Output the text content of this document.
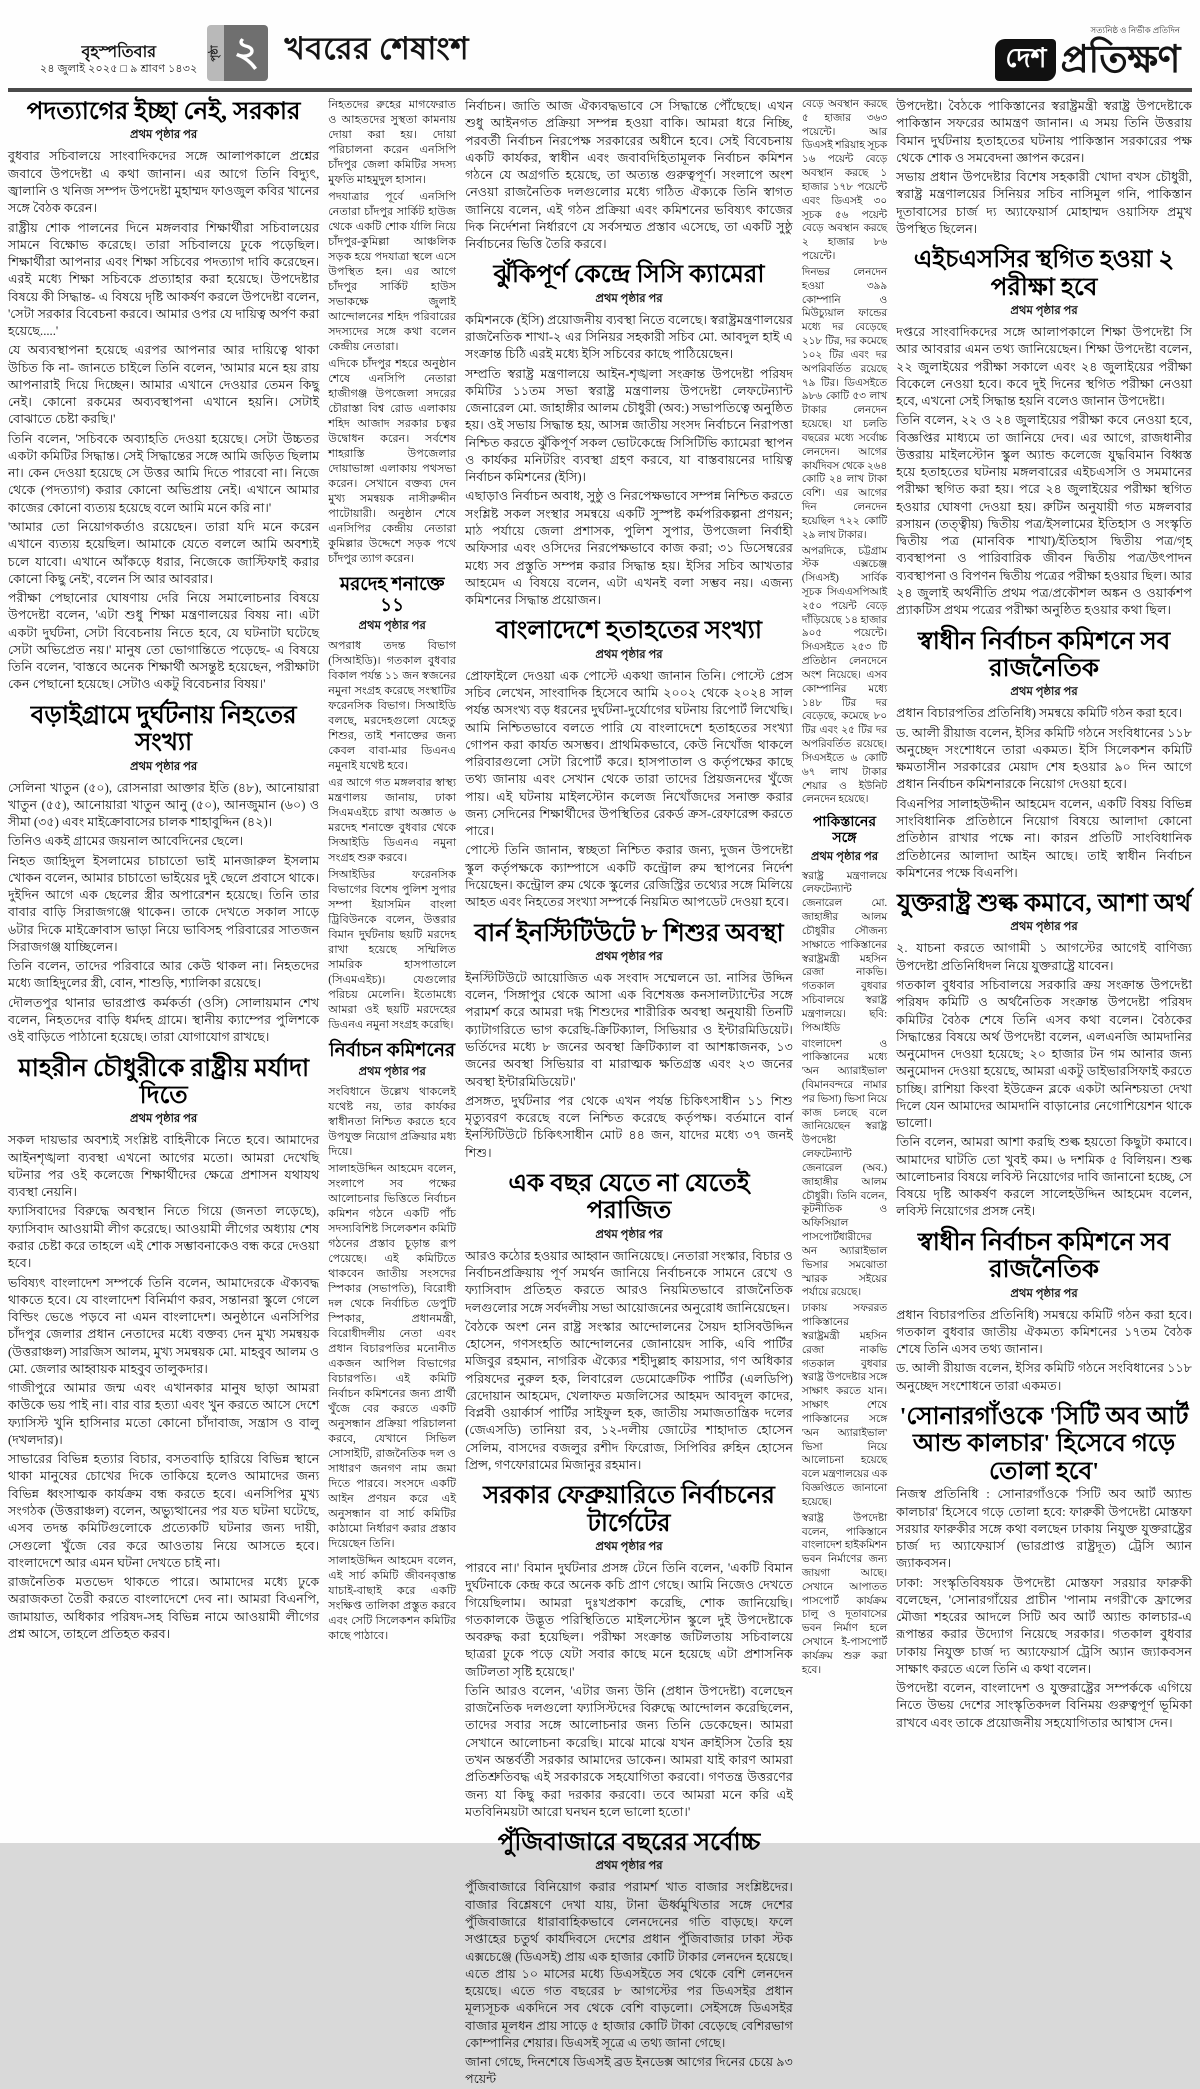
বৃহস্পতিবার
২৪ জুলাই ২০২৫ □ ৯ শ্রাবণ ১৪৩২
পৃষ্ঠা ২ খবরের শেষাংশ
সত্যনিষ্ঠ ও নির্ভীক প্রতিদিন
দেশ প্রতিক্ষণ
পদত্যাগের ইচ্ছা নেই, সরকার
প্রথম পৃষ্ঠার পর

বুধবার সচিবালয়ে সাংবাদিকদের সঙ্গে আলাপকালে প্রশ্নের জবাবে উপদেষ্টা এ কথা জানান। এর আগে তিনি বিদ্যুৎ, জ্বালানি ও খনিজ সম্পদ উপদেষ্টা মুহাম্মদ ফাওজুল কবির খানের সঙ্গে বৈঠক করেন।

রাষ্ট্রীয় শোক পালনের দিনে মঙ্গলবার শিক্ষার্থীরা সচিবালয়ের সামনে বিক্ষোভ করেছে। তারা সচিবালয়ে ঢুকে পড়েছিল। শিক্ষার্থীরা আপনার এবং শিক্ষা সচিবের পদত্যাগ দাবি করেছেন। এরই মধ্যে শিক্ষা সচিবকে প্রত্যাহার করা হয়েছে। উপদেষ্টার বিষয়ে কী সিদ্ধান্ত- এ বিষয়ে দৃষ্টি আকর্ষণ করলে উপদেষ্টা বলেন, 'সেটা সরকার বিবেচনা করবে। আমার ওপর যে দায়িত্ব অর্পণ করা হয়েছে.....'

যে অব্যবস্থাপনা হয়েছে এরপর আপনার আর দায়িত্বে থাকা উচিত কি না- জানতে চাইলে তিনি বলেন, 'আমার মনে হয় রায় আপনারাই দিয়ে দিচ্ছেন। আমার এখানে দেওয়ার তেমন কিছু নেই। কোনো রকমের অব্যবস্থাপনা এখানে হয়নি। সেটাই বোঝাতে চেষ্টা করছি।'

তিনি বলেন, 'সচিবকে অব্যাহতি দেওয়া হয়েছে। সেটা উচ্চতর একটা কমিটির সিদ্ধান্ত। সেই সিদ্ধান্তের সঙ্গে আমি জড়িত ছিলাম না। কেন দেওয়া হয়েছে সে উত্তর আমি দিতে পারবো না। নিজে থেকে (পদত্যাগ) করার কোনো অভিপ্রায় নেই। এখানে আমার কাজের কোনো ব্যত্যয় হয়েছে বলে আমি মনে করি না।'

'আমার তো নিয়োগকর্তাও রয়েছেন। তারা যদি মনে করেন এখানে ব্যত্যয় হয়েছিল। আমাকে যেতে বললে আমি অবশ্যই চলে যাবো। এখানে আঁকড়ে ধরার, নিজেকে জাস্টিফাই করার কোনো কিছু নেই', বলেন সি আর আবরার।

পরীক্ষা পেছানোর ঘোষণায় দেরি নিয়ে সমালোচনার বিষয়ে উপদেষ্টা বলেন, 'এটা শুধু শিক্ষা মন্ত্রণালয়ের বিষয় না। এটা একটা দুর্ঘটনা, সেটা বিবেচনায় নিতে হবে, যে ঘটনাটা ঘটেছে সেটা অভিপ্রেত নয়।' মানুষ তো ভোগান্তিতে পড়েছে- এ বিষয়ে তিনি বলেন, 'বাস্তবে অনেক শিক্ষার্থী অসন্তুষ্ট হয়েছেন, পরীক্ষাটা কেন পেছানো হয়েছে। সেটাও একটু বিবেচনার বিষয়।'

বড়াইগ্রামে দুর্ঘটনায় নিহতের সংখ্যা
প্রথম পৃষ্ঠার পর

সেলিনা খাতুন (৫০), রোসনারা আক্তার ইতি (৪৮), আনোয়ারা খাতুন (৫৫), আনোয়ারা খাতুন আনু (৫০), আনজুমান (৬০) ও সীমা (৩৫) এবং মাইক্রোবাসের চালক শাহাবুদ্দিন (৪২)।

তিনিও একই গ্রামের জয়নাল আবেদিনের ছেলে।

নিহত জাহিদুল ইসলামের চাচাতো ভাই মানজারুল ইসলাম খোকন বলেন, আমার চাচাতো ভাইয়ের দুই ছেলে প্রবাসে থাকে। দুইদিন আগে এক ছেলের স্ত্রীর অপারেশন হয়েছে। তিনি তার বাবার বাড়ি সিরাজগঞ্জে থাকেন। তাকে দেখতে সকাল সাড়ে ৬টার দিকে মাইক্রোবাস ভাড়া নিয়ে ভাবিসহ পরিবারের সাতজন সিরাজগঞ্জ যাচ্ছিলেন।

তিনি বলেন, তাদের পরিবারে আর কেউ থাকল না। নিহতদের মধ্যে জাহিদুলের স্ত্রী, বোন, শাশুড়ি, শ্যালিকা রয়েছে।

দৌলতপুর থানার ভারপ্রাপ্ত কর্মকর্তা (ওসি) সোলায়মান শেখ বলেন, নিহতদের বাড়ি ধর্মদহ গ্রামে। স্থানীয় ক্যাম্পের পুলিশকে ওই বাড়িতে পাঠানো হয়েছে। তারা যোগাযোগ রাখছে।

মাহরীন চৌধুরীকে রাষ্ট্রীয় মর্যাদা দিতে
প্রথম পৃষ্ঠার পর

সকল দায়ভার অবশ্যই সংশ্লিষ্ট বাহিনীকে নিতে হবে। আমাদের আইনশৃঙ্খলা ব্যবস্থা এখনো আগের মতো। আমরা দেখেছি ঘটনার পর ওই কলেজে শিক্ষার্থীদের ক্ষেত্রে প্রশাসন যথাযথ ব্যবস্থা নেয়নি।

ফ্যাসিবাদের বিরুদ্ধে অবস্থান নিতে গিয়ে (জনতা লড়েছে), ফ্যাসিবাদ আওয়ামী লীগ করেছে। আওয়ামী লীগের অধ্যায় শেষ করার চেষ্টা করে তাহলে এই শোক সম্ভাবনাকেও বন্ধ করে দেওয়া হবে।

ভবিষ্যৎ বাংলাদেশ সম্পর্কে তিনি বলেন, আমাদেরকে ঐক্যবদ্ধ থাকতে হবে। যে বাংলাদেশ বিনির্মাণ করব, সন্তানরা স্কুলে গেলে বিল্ডিং ভেঙে পড়বে না এমন বাংলাদেশ। অনুষ্ঠানে এনসিপির চাঁদপুর জেলার প্রধান নেতাদের মধ্যে বক্তব্য দেন মুখ্য সমন্বয়ক (উত্তরাঞ্চল) সারজিস আলম, মুখ্য সমন্বয়ক মো. মাহবুব আলম ও মো. জেলার আহ্বায়ক মাহবুব তালুকদার।

গাজীপুরে আমার জন্ম এবং এখানকার মানুষ ছাড়া আমরা কাউকে ভয় পাই না। বার বার হত্যা এবং খুন করতে আসে দেশে ফ্যাসিস্ট খুনি হাসিনার মতো কোনো চাঁদাবাজ, সন্ত্রাস ও বালু (দখলদার)।

সাভারের বিভিন্ন হত্যার বিচার, বসতবাড়ি হারিয়ে বিভিন্ন স্থানে থাকা মানুষের চোখের দিকে তাকিয়ে হলেও আমাদের জন্য বিভিন্ন ধ্বংসাত্মক কার্যক্রম বন্ধ করতে হবে। এনসিপির মুখ্য সংগঠক (উত্তরাঞ্চল) বলেন, অভ্যুত্থানের পর যত ঘটনা ঘটেছে, এসব তদন্ত কমিটিগুলোকে প্রত্যেকটি ঘটনার জন্য দায়ী, সেগুলো খুঁজে বের করে আওতায় নিয়ে আসতে হবে। বাংলাদেশে আর এমন ঘটনা দেখতে চাই না।

রাজনৈতিক মতভেদ থাকতে পারে। আমাদের মধ্যে ঢুকে অরাজকতা তৈরী করতে বাংলাদেশে দেব না। আমরা বিএনপি, জামায়াত, অধিকার পরিষদ-সহ বিভিন্ন নামে আওয়ামী লীগের প্রশ্ন আসে, তাহলে প্রতিহত করব।

নিহতদের রুহের মাগফেরাত ও আহতদের সুস্থতা কামনায় দোয়া করা হয়। দোয়া পরিচালনা করেন এনসিপি চাঁদপুর জেলা কমিটির সদস্য মুফতি মাহমুদুল হাসান।

পদযাত্রার পূর্বে এনসিপি নেতারা চাঁদপুর সার্কিট হাউজ থেকে একটি শোক র্যালি নিয়ে চাঁদপুর-কুমিল্লা আঞ্চলিক সড়ক হয়ে পদযাত্রা স্থলে এসে উপস্থিত হন। এর আগে চাঁদপুর সার্কিট হাউস সভাকক্ষে জুলাই আন্দোলনের শহিদ পরিবারের সদস্যদের সঙ্গে কথা বলেন কেন্দ্রীয় নেতারা।

এদিকে চাঁদপুর শহরে অনুষ্ঠান শেষে এনসিপি নেতারা হাজীগঞ্জ উপজেলা সদরের চৌরাস্তা বিশ্ব রোড এলাকায় শহিদ আজাদ সরকার চত্বর উদ্বোধন করেন। সর্বশেষ শাহরাস্তি উপজেলার দোয়াভাঙ্গা এলাকায় পথসভা করেন। সেখানে বক্তব্য দেন মুখ্য সমন্বয়ক নাসীরুদ্দীন পাটোয়ারী। অনুষ্ঠান শেষে এনসিপির কেন্দ্রীয় নেতারা কুমিল্লার উদ্দেশে সড়ক পথে চাঁদপুর ত্যাগ করেন।

মরদেহ শনাক্তে ১১
প্রথম পৃষ্ঠার পর

অপরাধ তদন্ত বিভাগ (সিআইডি)। গতকাল বুধবার বিকাল পর্যন্ত ১১ জন স্বজনের নমুনা সংগ্রহ করেছে সংস্থাটির ফরেনসিক বিভাগ। সিআইডি বলছে, মরদেহগুলো যেহেতু শিশুর, তাই শনাক্তের জন্য কেবল বাবা-মার ডিএনএ নমুনাই যথেষ্ট হবে।

এর আগে গত মঙ্গলবার স্বাস্থ্য মন্ত্রণালয় জানায়, ঢাকা সিএমএইচে রাখা অজ্ঞাত ৬ মরদেহ শনাক্তে বুধবার থেকে সিআইডি ডিএনএ নমুনা সংগ্রহ শুরু করবে।

সিআইডির ফরেনসিক বিভাগের বিশেষ পুলিশ সুপার সম্পা ইয়াসমিন বাংলা ট্রিবিউনকে বলেন, উত্তরার বিমান দুর্ঘটনায় ছয়টি মরদেহ রাখা হয়েছে সম্মিলিত সামরিক হাসপাতালে (সিএমএইচ)। যেগুলোর পরিচয় মেলেনি। ইতোমধ্যে আমরা ওই ছয়টি মরদেহের ডিএনএ নমুনা সংগ্রহ করেছি।

নির্বাচন কমিশনের
প্রথম পৃষ্ঠার পর

সংবিধানে উল্লেখ থাকলেই যথেষ্ট নয়, তার কার্যকর স্বাধীনতা নিশ্চিত করতে হবে উপযুক্ত নিয়োগ প্রক্রিয়ার মধ্য দিয়ে।

সালাহউদ্দিন আহমেদ বলেন, সংলাপে সব পক্ষের আলোচনার ভিত্তিতে নির্বাচন কমিশন গঠনে একটি পাঁচ সদস্যবিশিষ্ট সিলেকশন কমিটি গঠনের প্রস্তাব চূড়ান্ত রূপ পেয়েছে। এই কমিটিতে থাকবেন জাতীয় সংসদের স্পিকার (সভাপতি), বিরোধী দল থেকে নির্বাচিত ডেপুটি স্পিকার, প্রধানমন্ত্রী, বিরোধীদলীয় নেতা এবং প্রধান বিচারপতির মনোনীত একজন আপিল বিভাগের বিচারপতি। এই কমিটি নির্বাচন কমিশনের জন্য প্রার্থী খুঁজে বের করতে একটি অনুসন্ধান প্রক্রিয়া পরিচালনা করবে, যেখানে সিভিল সোসাইটি, রাজনৈতিক দল ও সাধারণ জনগণ নাম জমা দিতে পারবে। সংসদে একটি আইন প্রণয়ন করে এই অনুসন্ধান বা সার্চ কমিটির কাঠামো নির্ধারণ করার প্রস্তাব দিয়েছেন তিনি।

সালাহউদ্দিন আহমেদ বলেন, এই সার্চ কমিটি জীবনবৃত্তান্ত যাচাই-বাছাই করে একটি সংক্ষিপ্ত তালিকা প্রস্তুত করবে এবং সেটি সিলেকশন কমিটির কাছে পাঠাবে।

নির্বাচন। জাতি আজ ঐক্যবদ্ধভাবে সে সিদ্ধান্তে পৌঁছেছে। এখন শুধু আইনগত প্রক্রিয়া সম্পন্ন হওয়া বাকি। আমরা ধরে নিচ্ছি, পরবর্তী নির্বাচন নিরপেক্ষ সরকারের অধীনে হবে। সেই বিবেচনায় একটি কার্যকর, স্বাধীন এবং জবাবদিহিতামূলক নির্বাচন কমিশন গঠনে যে অগ্রগতি হয়েছে, তা অত্যন্ত গুরুত্বপূর্ণ। সংলাপে অংশ নেওয়া রাজনৈতিক দলগুলোর মধ্যে গঠিত ঐক্যকে তিনি স্বাগত জানিয়ে বলেন, এই গঠন প্রক্রিয়া এবং কমিশনের ভবিষ্যৎ কাজের দিক নির্দেশনা নির্ধারণে যে সর্বসম্মত প্রস্তাব এসেছে, তা একটি সুষ্ঠু নির্বাচনের ভিত্তি তৈরি করবে।

ঝুঁকিপূর্ণ কেন্দ্রে সিসি ক্যামেরা
প্রথম পৃষ্ঠার পর

কমিশনকে (ইসি) প্রয়োজনীয় ব্যবস্থা নিতে বলেছে। স্বরাষ্ট্রমন্ত্রণালয়ের রাজনৈতিক শাখা-২ এর সিনিয়র সহকারী সচিব মো. আবদুল হাই এ সংক্রান্ত চিঠি এরই মধ্যে ইসি সচিবের কাছে পাঠিয়েছেন।

সম্প্রতি স্বরাষ্ট্র মন্ত্রণালয়ে আইন-শৃঙ্খলা সংক্রান্ত উপদেষ্টা পরিষদ কমিটির ১১তম সভা স্বরাষ্ট্র মন্ত্রণালয় উপদেষ্টা লেফটেন্যান্ট জেনারেল মো. জাহাঙ্গীর আলম চৌধুরী (অব:) সভাপতিত্বে অনুষ্ঠিত হয়। ওই সভায় সিদ্ধান্ত হয়, আসন্ন জাতীয় সংসদ নির্বাচনে নিরাপত্তা নিশ্চিত করতে ঝুঁকিপূর্ণ সকল ভোটকেন্দ্রে সিসিটিভি ক্যামেরা স্থাপন ও কার্যকর মনিটরিং ব্যবস্থা গ্রহণ করবে, যা বাস্তবায়নের দায়িত্ব নির্বাচন কমিশনের (ইসি)।

এছাড়াও নির্বাচন অবাধ, সুষ্ঠু ও নিরপেক্ষভাবে সম্পন্ন নিশ্চিত করতে সংশ্লিষ্ট সকল সংস্থার সমন্বয়ে একটি সুস্পষ্ট কর্মপরিকল্পনা প্রণয়ন; মাঠ পর্যায়ে জেলা প্রশাসক, পুলিশ সুপার, উপজেলা নির্বাহী অফিসার এবং ওসিদের নিরপেক্ষভাবে কাজ করা; ৩১ ডিসেম্বরের মধ্যে সব প্রস্তুতি সম্পন্ন করার সিদ্ধান্ত হয়। ইসির সচিব আখতার আহমেদ এ বিষয়ে বলেন, এটা এখনই বলা সম্ভব নয়। এজন্য কমিশনের সিদ্ধান্ত প্রয়োজন।

বাংলাদেশে হতাহতের সংখ্যা
প্রথম পৃষ্ঠার পর

প্রোফাইলে দেওয়া এক পোস্টে একথা জানান তিনি। পোস্টে প্রেস সচিব লেখেন, সাংবাদিক হিসেবে আমি ২০০২ থেকে ২০২৪ সাল পর্যন্ত অসংখ্য বড় ধরনের দুর্ঘটনা-দুর্যোগের ঘটনায় রিপোর্ট লিখেছি। আমি নিশ্চিতভাবে বলতে পারি যে বাংলাদেশে হতাহতের সংখ্যা গোপন করা কার্যত অসম্ভব। প্রাথমিকভাবে, কেউ নিখোঁজ থাকলে পরিবারগুলো সেটা রিপোর্ট করে। হাসপাতাল ও কর্তৃপক্ষের কাছে তথ্য জানায় এবং সেখান থেকে তারা তাদের প্রিয়জনদের খুঁজে পায়। এই ঘটনায় মাইলস্টোন কলেজ নিখোঁজদের সনাক্ত করার জন্য সেদিনের শিক্ষার্থীদের উপস্থিতির রেকর্ড ক্রস-রেফারেন্স করতে পারে।

পোস্টে তিনি জানান, স্বচ্ছতা নিশ্চিত করার জন্য, দুজন উপদেষ্টা স্কুল কর্তৃপক্ষকে ক্যাম্পাসে একটি কন্ট্রোল রুম স্থাপনের নির্দেশ দিয়েছেন। কন্ট্রোল রুম থেকে স্কুলের রেজিস্ট্রির তথ্যের সঙ্গে মিলিয়ে আহত এবং নিহতের সংখ্যা সম্পর্কে নিয়মিত আপডেট দেওয়া হবে।

বার্ন ইনস্টিটিউটে ৮ শিশুর অবস্থা
প্রথম পৃষ্ঠার পর

ইনস্টিটিউটে আয়োজিত এক সংবাদ সম্মেলনে ডা. নাসির উদ্দিন বলেন, 'সিঙ্গাপুর থেকে আসা এক বিশেষজ্ঞ কনসালট্যান্টের সঙ্গে পরামর্শ করে আমরা দগ্ধ শিশুদের শারীরিক অবস্থা অনুযায়ী তিনটি ক্যাটাগরিতে ভাগ করেছি-ক্রিটিক্যাল, সিভিয়ার ও ইন্টারমিডিয়েট। ভর্তিদের মধ্যে ৮ জনের অবস্থা ক্রিটিক্যাল বা আশঙ্কাজনক, ১৩ জনের অবস্থা সিভিয়ার বা মারাত্মক ক্ষতিগ্রস্ত এবং ২৩ জনের অবস্থা ইন্টারমিডিয়েট।'

প্রসঙ্গত, দুর্ঘটনার পর থেকে এখন পর্যন্ত চিকিৎসাধীন ১১ শিশু মৃত্যুবরণ করেছে বলে নিশ্চিত করেছে কর্তৃপক্ষ। বর্তমানে বার্ন ইনস্টিটিউটে চিকিৎসাধীন মোট ৪৪ জন, যাদের মধ্যে ৩৭ জনই শিশু।

এক বছর যেতে না যেতেই পরাজিত
প্রথম পৃষ্ঠার পর

আরও কঠোর হওয়ার আহ্বান জানিয়েছে। নেতারা সংস্কার, বিচার ও নির্বাচনপ্রক্রিয়ায় পূর্ণ সমর্থন জানিয়ে নির্বাচনকে সামনে রেখে ও ফ্যাসিবাদ প্রতিহত করতে আরও নিয়মিতভাবে রাজনৈতিক দলগুলোর সঙ্গে সর্বদলীয় সভা আয়োজনের অনুরোধ জানিয়েছেন।

বৈঠকে অংশ নেন রাষ্ট্র সংস্কার আন্দোলনের সৈয়দ হাসিবউদ্দিন হোসেন, গণসংহতি আন্দোলনের জোনায়েদ সাকি, এবি পার্টির মজিবুর রহমান, নাগরিক ঐক্যের শহীদুল্লাহ কায়সার, গণ অধিকার পরিষদের নুরুল হক, লিবারেল ডেমোক্রেটিক পার্টির (এলডিপি) রেদোয়ান আহমেদ, খেলাফত মজলিসের আহমদ আবদুল কাদের, বিপ্লবী ওয়ার্কার্স পার্টির সাইফুল হক, জাতীয় সমাজতান্ত্রিক দলের (জেএসডি) তানিয়া রব, ১২-দলীয় জোটের শাহাদাত হোসেন সেলিম, বাসদের বজলুর রশীদ ফিরোজ, সিপিবির রুহিন হোসেন প্রিন্স, গণফোরামের মিজানুর রহমান।

সরকার ফেব্রুয়ারিতে নির্বাচনের টার্গেটের
প্রথম পৃষ্ঠার পর

পারবে না।' বিমান দুর্ঘটনার প্রসঙ্গ টেনে তিনি বলেন, 'একটি বিমান দুর্ঘটনাকে কেন্দ্র করে অনেক কচি প্রাণ গেছে। আমি নিজেও দেখতে গিয়েছিলাম। আমরা দুঃখপ্রকাশ করেছি, শোক জানিয়েছি। গতকালকে উদ্ভূত পরিস্থিতিতে মাইলস্টোন স্কুলে দুই উপদেষ্টাকে অবরুদ্ধ করা হয়েছিল। পরীক্ষা সংক্রান্ত জটিলতায় সচিবালয়ে ছাত্ররা ঢুকে পড়ে যেটা সবার কাছে মনে হয়েছে এটা প্রশাসনিক জটিলতা সৃষ্টি হয়েছে।'

তিনি আরও বলেন, 'এটার জন্য উনি (প্রধান উপদেষ্টা) বলেছেন রাজনৈতিক দলগুলো ফ্যাসিস্টদের বিরুদ্ধে আন্দোলন করেছিলেন, তাদের সবার সঙ্গে আলোচনার জন্য তিনি ডেকেছেন। আমরা সেখানে আলোচনা করেছি। মাঝে মাঝে যখন ক্রাইসিস তৈরি হয় তখন অন্তর্বর্তী সরকার আমাদের ডাকেন। আমরা যাই কারণ আমরা প্রতিশ্রুতিবদ্ধ এই সরকারকে সহযোগিতা করবো। গণতন্ত্র উত্তরণের জন্য যা কিছু করা দরকার করবো। তবে আমরা মনে করি এই মতবিনিময়টা আরো ঘনঘন হলে ভালো হতো।'

পুঁজিবাজারে বছরের সর্বোচ্চ
প্রথম পৃষ্ঠার পর

পুঁজিবাজারে বিনিয়োগ করার পরামর্শ খাত বাজার সংশ্লিষ্টদের। বাজার বিশ্লেষণে দেখা যায়, টানা ঊর্ধ্বমুখিতার সঙ্গে দেশের পুঁজিবাজারে ধারাবাহিকভাবে লেনদেনের গতি বাড়ছে। ফলে সপ্তাহের চতুর্থ কার্যদিবসে দেশের প্রধান পুঁজিবাজার ঢাকা স্টক এক্সচেঞ্জে (ডিএসই) প্রায় এক হাজার কোটি টাকার লেনদেন হয়েছে। এতে প্রায় ১০ মাসের মধ্যে ডিএসইতে সব থেকে বেশি লেনদেন হয়েছে। এতে গত বছরের ৮ আগস্টের পর ডিএসইর প্রধান মূল্যসূচক একদিনে সব থেকে বেশি বাড়লো। সেইসঙ্গে ডিএসইর বাজার মূলধন প্রায় সাড়ে ৫ হাজার কোটি টাকা বেড়েছে বেশিরভাগ কোম্পানির শেয়ার। ডিএসই সূত্রে এ তথ্য জানা গেছে।

জানা গেছে, দিনশেষে ডিএসই ব্রড ইনডেক্স আগের দিনের চেয়ে ৯৩ পয়েন্ট

বেড়ে অবস্থান করছে ৫ হাজার ৩৬৩ পয়েন্টে। আর ডিএসই শরিয়াহ সূচক ১৬ পয়েন্ট বেড়ে অবস্থান করছে ১ হাজার ১৭৮ পয়েন্টে এবং ডিএসই ৩০ সূচক ৫৬ পয়েন্ট বেড়ে অবস্থান করছে ২ হাজার ৮৬ পয়েন্টে।

দিনভর লেনদেন হওয়া ৩৯৯ কোম্পানি ও মিউচ্যুয়াল ফান্ডের মধ্যে দর বেড়েছে ২১৮ টির, দর কমেছে ১০২ টির এবং দর অপরিবর্তিত রয়েছে ৭৯ টির। ডিএসইতে ৯৮৬ কোটি ৫৩ লাখ টাকার লেনদেন হয়েছে। যা চলতি বছরের মধ্যে সর্বোচ্চ লেনদেন। আগের কার্যদিবস থেকে ২৬৪ কোটি ২৪ লাখ টাকা বেশি। এর আগের দিন লেনদেন হয়েছিল ৭২২ কোটি ২৯ লাখ টাকার।

অপরদিকে, চট্টগ্রাম স্টক এক্সচেঞ্জ (সিএসই) সার্বিক সূচক সিএএসপিআই ২৫০ পয়েন্ট বেড়ে দাঁড়িয়েছে ১৪ হাজার ৯০৫ পয়েন্টে। সিএসইতে ২৫৩ টি প্রতিষ্ঠান লেনদেনে অংশ নিয়েছে। এসব কোম্পানির মধ্যে ১৪৮ টির দর বেড়েছে, কমেছে ৮০ টির এবং ২৫ টির দর অপরিবর্তিত রয়েছে। সিএসইতে ৬ কোটি ৬৭ লাখ টাকার শেয়ার ও ইউনিট লেনদেন হয়েছে।

পাকিস্তানের সঙ্গে
প্রথম পৃষ্ঠার পর

স্বরাষ্ট্র মন্ত্রণালয়ে লেফটেন্যান্ট জেনারেল মো. জাহাঙ্গীর আলম চৌধুরীর সৌজন্য সাক্ষাতে পাকিস্তানের স্বরাষ্ট্রমন্ত্রী মহসিন রেজা নাকভি। গতকাল বুধবার সচিবালয়ে স্বরাষ্ট্র মন্ত্রণালয়ে। ছবি: পিআইডি

বাংলাদেশ ও পাকিস্তানের মধ্যে 'অন অ্যারাইভাল' (বিমানবন্দরে নামার পর ভিসা) ভিসা নিয়ে কাজ চলছে বলে জানিয়েছেন স্বরাষ্ট্র উপদেষ্টা লেফটেন্যান্ট জেনারেল (অব.) জাহাঙ্গীর আলম চৌধুরী। তিনি বলেন, কূটনীতিক ও অফিসিয়াল পাসপোর্টধারীদের অন অ্যারাইভাল ভিসার সমঝোতা স্মারক সইয়ের পর্যায়ে রয়েছে।

ঢাকায় সফররত পাকিস্তানের স্বরাষ্ট্রমন্ত্রী মহসিন রেজা নাকভি গতকাল বুধবার স্বরাষ্ট্র উপদেষ্টার সঙ্গে সাক্ষাৎ করতে যান। সাক্ষাৎ শেষে পাকিস্তানের সঙ্গে 'অন অ্যারাইভাল' ভিসা নিয়ে আলোচনা হয়েছে বলে মন্ত্রণালয়ের এক বিজ্ঞপ্তিতে জানানো হয়েছে।

স্বরাষ্ট্র উপদেষ্টা বলেন, পাকিস্তানে বাংলাদেশ হাইকমিশন ভবন নির্মাণের জন্য জায়গা আছে। সেখানে আপাতত পাসপোর্ট কার্যক্রম চালু ও দূতাবাসের ভবন নির্মাণ হলে সেখানে ই-পাসপোর্ট কার্যক্রম শুরু করা হবে।

উপদেষ্টা। বৈঠকে পাকিস্তানের স্বরাষ্ট্রমন্ত্রী স্বরাষ্ট্র উপদেষ্টাকে পাকিস্তান সফরের আমন্ত্রণ জানান। এ সময় তিনি উত্তরায় বিমান দুর্ঘটনায় হতাহতের ঘটনায় পাকিস্তান সরকারের পক্ষ থেকে শোক ও সমবেদনা জ্ঞাপন করেন।

সভায় প্রধান উপদেষ্টার বিশেষ সহকারী খোদা বখস চৌধুরী, স্বরাষ্ট্র মন্ত্রণালয়ের সিনিয়র সচিব নাসিমুল গনি, পাকিস্তান দূতাবাসের চার্জ দ্য অ্যাফেয়ার্স মোহাম্মদ ওয়াসিফ প্রমুখ উপস্থিত ছিলেন।

এইচএসসির স্থগিত হওয়া ২ পরীক্ষা হবে
প্রথম পৃষ্ঠার পর

দপ্তরে সাংবাদিকদের সঙ্গে আলাপকালে শিক্ষা উপদেষ্টা সি আর আবরার এমন তথ্য জানিয়েছেন। শিক্ষা উপদেষ্টা বলেন, ২২ জুলাইয়ের পরীক্ষা সকালে এবং ২৪ জুলাইয়ের পরীক্ষা বিকেলে নেওয়া হবে। কবে দুই দিনের স্থগিত পরীক্ষা নেওয়া হবে, এখনো সেই সিদ্ধান্ত হয়নি বলেও জানান উপদেষ্টা।

তিনি বলেন, ২২ ও ২৪ জুলাইয়ের পরীক্ষা কবে নেওয়া হবে, বিজ্ঞপ্তির মাধ্যমে তা জানিয়ে দেব। এর আগে, রাজধানীর উত্তরায় মাইলস্টোন স্কুল অ্যান্ড কলেজে যুদ্ধবিমান বিধ্বস্ত হয়ে হতাহতের ঘটনায় মঙ্গলবারের এইচএসসি ও সমমানের পরীক্ষা স্থগিত করা হয়। পরে ২৪ জুলাইয়ের পরীক্ষা স্থগিত হওয়ার ঘোষণা দেওয়া হয়। রুটিন অনুযায়ী গত মঙ্গলবার রসায়ন (তত্ত্বীয়) দ্বিতীয় পত্র/ইসলামের ইতিহাস ও সংস্কৃতি দ্বিতীয় পত্র (মানবিক শাখা)/ইতিহাস দ্বিতীয় পত্র/গৃহ ব্যবস্থাপনা ও পারিবারিক জীবন দ্বিতীয় পত্র/উৎপাদন ব্যবস্থাপনা ও বিপণন দ্বিতীয় পত্রের পরীক্ষা হওয়ার ছিল। আর ২৪ জুলাই অর্থনীতি প্রথম পত্র/প্রকৌশল অঙ্কন ও ওয়ার্কশপ প্র্যাকটিস প্রথম পত্রের পরীক্ষা অনুষ্ঠিত হওয়ার কথা ছিল।

স্বাধীন নির্বাচন কমিশনে সব রাজনৈতিক
প্রথম পৃষ্ঠার পর

প্রধান বিচারপতির প্রতিনিধি) সমন্বয়ে কমিটি গঠন করা হবে।

ড. আলী রীয়াজ বলেন, ইসির কমিটি গঠনে সংবিধানের ১১৮ অনুচ্ছেদ সংশোধনে তারা একমত। ইসি সিলেকশন কমিটি ক্ষমতাসীন সরকারের মেয়াদ শেষ হওয়ার ৯০ দিন আগে প্রধান নির্বাচন কমিশনারকে নিয়োগ দেওয়া হবে।

বিএনপির সালাহউদ্দীন আহমেদ বলেন, একটি বিষয় বিভিন্ন সাংবিধানিক প্রতিষ্ঠানে নিয়োগ বিষয়ে আলাদা কোনো প্রতিষ্ঠান রাখার পক্ষে না। কারন প্রতিটি সাংবিধানিক প্রতিষ্ঠানের আলাদা আইন আছে। তাই স্বাধীন নির্বাচন কমিশনের পক্ষে বিএনপি।

যুক্তরাষ্ট্র শুল্ক কমাবে, আশা অর্থ
প্রথম পৃষ্ঠার পর

২. যাচনা করতে আগামী ১ আগস্টের আগেই বাণিজ্য উপদেষ্টা প্রতিনিধিদল নিয়ে যুক্তরাষ্ট্রে যাবেন।

গতকাল বুধবার সচিবালয়ে সরকারি ক্রয় সংক্রান্ত উপদেষ্টা পরিষদ কমিটি ও অর্থনৈতিক সংক্রান্ত উপদেষ্টা পরিষদ কমিটির বৈঠক শেষে তিনি এসব কথা বলেন। বৈঠকের সিদ্ধান্তের বিষয়ে অর্থ উপদেষ্টা বলেন, এলএনজি আমদানির অনুমোদন দেওয়া হয়েছে; ২০ হাজার টন গম আনার জন্য অনুমোদন দেওয়া হয়েছে, আমরা একটু ডাইভারসিফাই করতে চাচ্ছি। রাশিয়া কিংবা ইউক্রেন ব্লকে একটা অনিশ্চয়তা দেখা দিলে যেন আমাদের আমদানি বাড়ানোর নেগোশিয়েশন থাকে ভালো।

তিনি বলেন, আমরা আশা করছি শুল্ক হয়তো কিছুটা কমাবে। আমাদের ঘাটতি তো খুবই কম। ৬ দশমিক ৫ বিলিয়ন। শুল্ক আলোচনার বিষয়ে লবিস্ট নিয়োগের দাবি জানানো হচ্ছে, সে বিষয়ে দৃষ্টি আকর্ষণ করলে সালেহউদ্দিন আহমেদ বলেন, লবিস্ট নিয়োগের প্রসঙ্গ নেই।

স্বাধীন নির্বাচন কমিশনে সব রাজনৈতিক
প্রথম পৃষ্ঠার পর

প্রধান বিচারপতির প্রতিনিধি) সমন্বয়ে কমিটি গঠন করা হবে। গতকাল বুধবার জাতীয় ঐকমত্য কমিশনের ১৭তম বৈঠক শেষে তিনি এসব তথ্য জানান।

ড. আলী রীয়াজ বলেন, ইসির কমিটি গঠনে সংবিধানের ১১৮ অনুচ্ছেদ সংশোধনে তারা একমত।

'সোনারগাঁওকে 'সিটি অব আর্ট আন্ড কালচার' হিসেবে গড়ে তোলা হবে'

নিজস্ব প্রতিনিধি : সোনারগাঁওকে 'সিটি অব আর্ট অ্যান্ড কালচার' হিসেবে গড়ে তোলা হবে: ফারুকী উপদেষ্টা মোস্তফা সরয়ার ফারুকীর সঙ্গে কথা বলছেন ঢাকায় নিযুক্ত যুক্তরাষ্ট্রের চার্জ দ্য অ্যাফেয়ার্স (ভারপ্রাপ্ত রাষ্ট্রদূত) ট্রেসি অ্যান জ্যাকবসন।

ঢাকা: সংস্কৃতিবিষয়ক উপদেষ্টা মোস্তফা সরয়ার ফারুকী বলেছেন, 'সোনারগাঁয়ের প্রাচীন 'পানাম নগরী'কে ফ্রান্সের মৌজা শহরের আদলে সিটি অব আর্ট অ্যান্ড কালচার-এ রূপান্তর করার উদ্যোগ নিয়েছে সরকার। গতকাল বুধবার ঢাকায় নিযুক্ত চার্জ দ্য অ্যাফেয়ার্স ট্রেসি অ্যান জ্যাকবসন সাক্ষাৎ করতে এলে তিনি এ কথা বলেন।

উপদেষ্টা বলেন, বাংলাদেশ ও যুক্তরাষ্ট্রের সম্পর্ককে এগিয়ে নিতে উভয় দেশের সাংস্কৃতিকদল বিনিময় গুরুত্বপূর্ণ ভূমিকা রাখবে এবং তাকে প্রয়োজনীয় সহযোগিতার আশ্বাস দেন।
